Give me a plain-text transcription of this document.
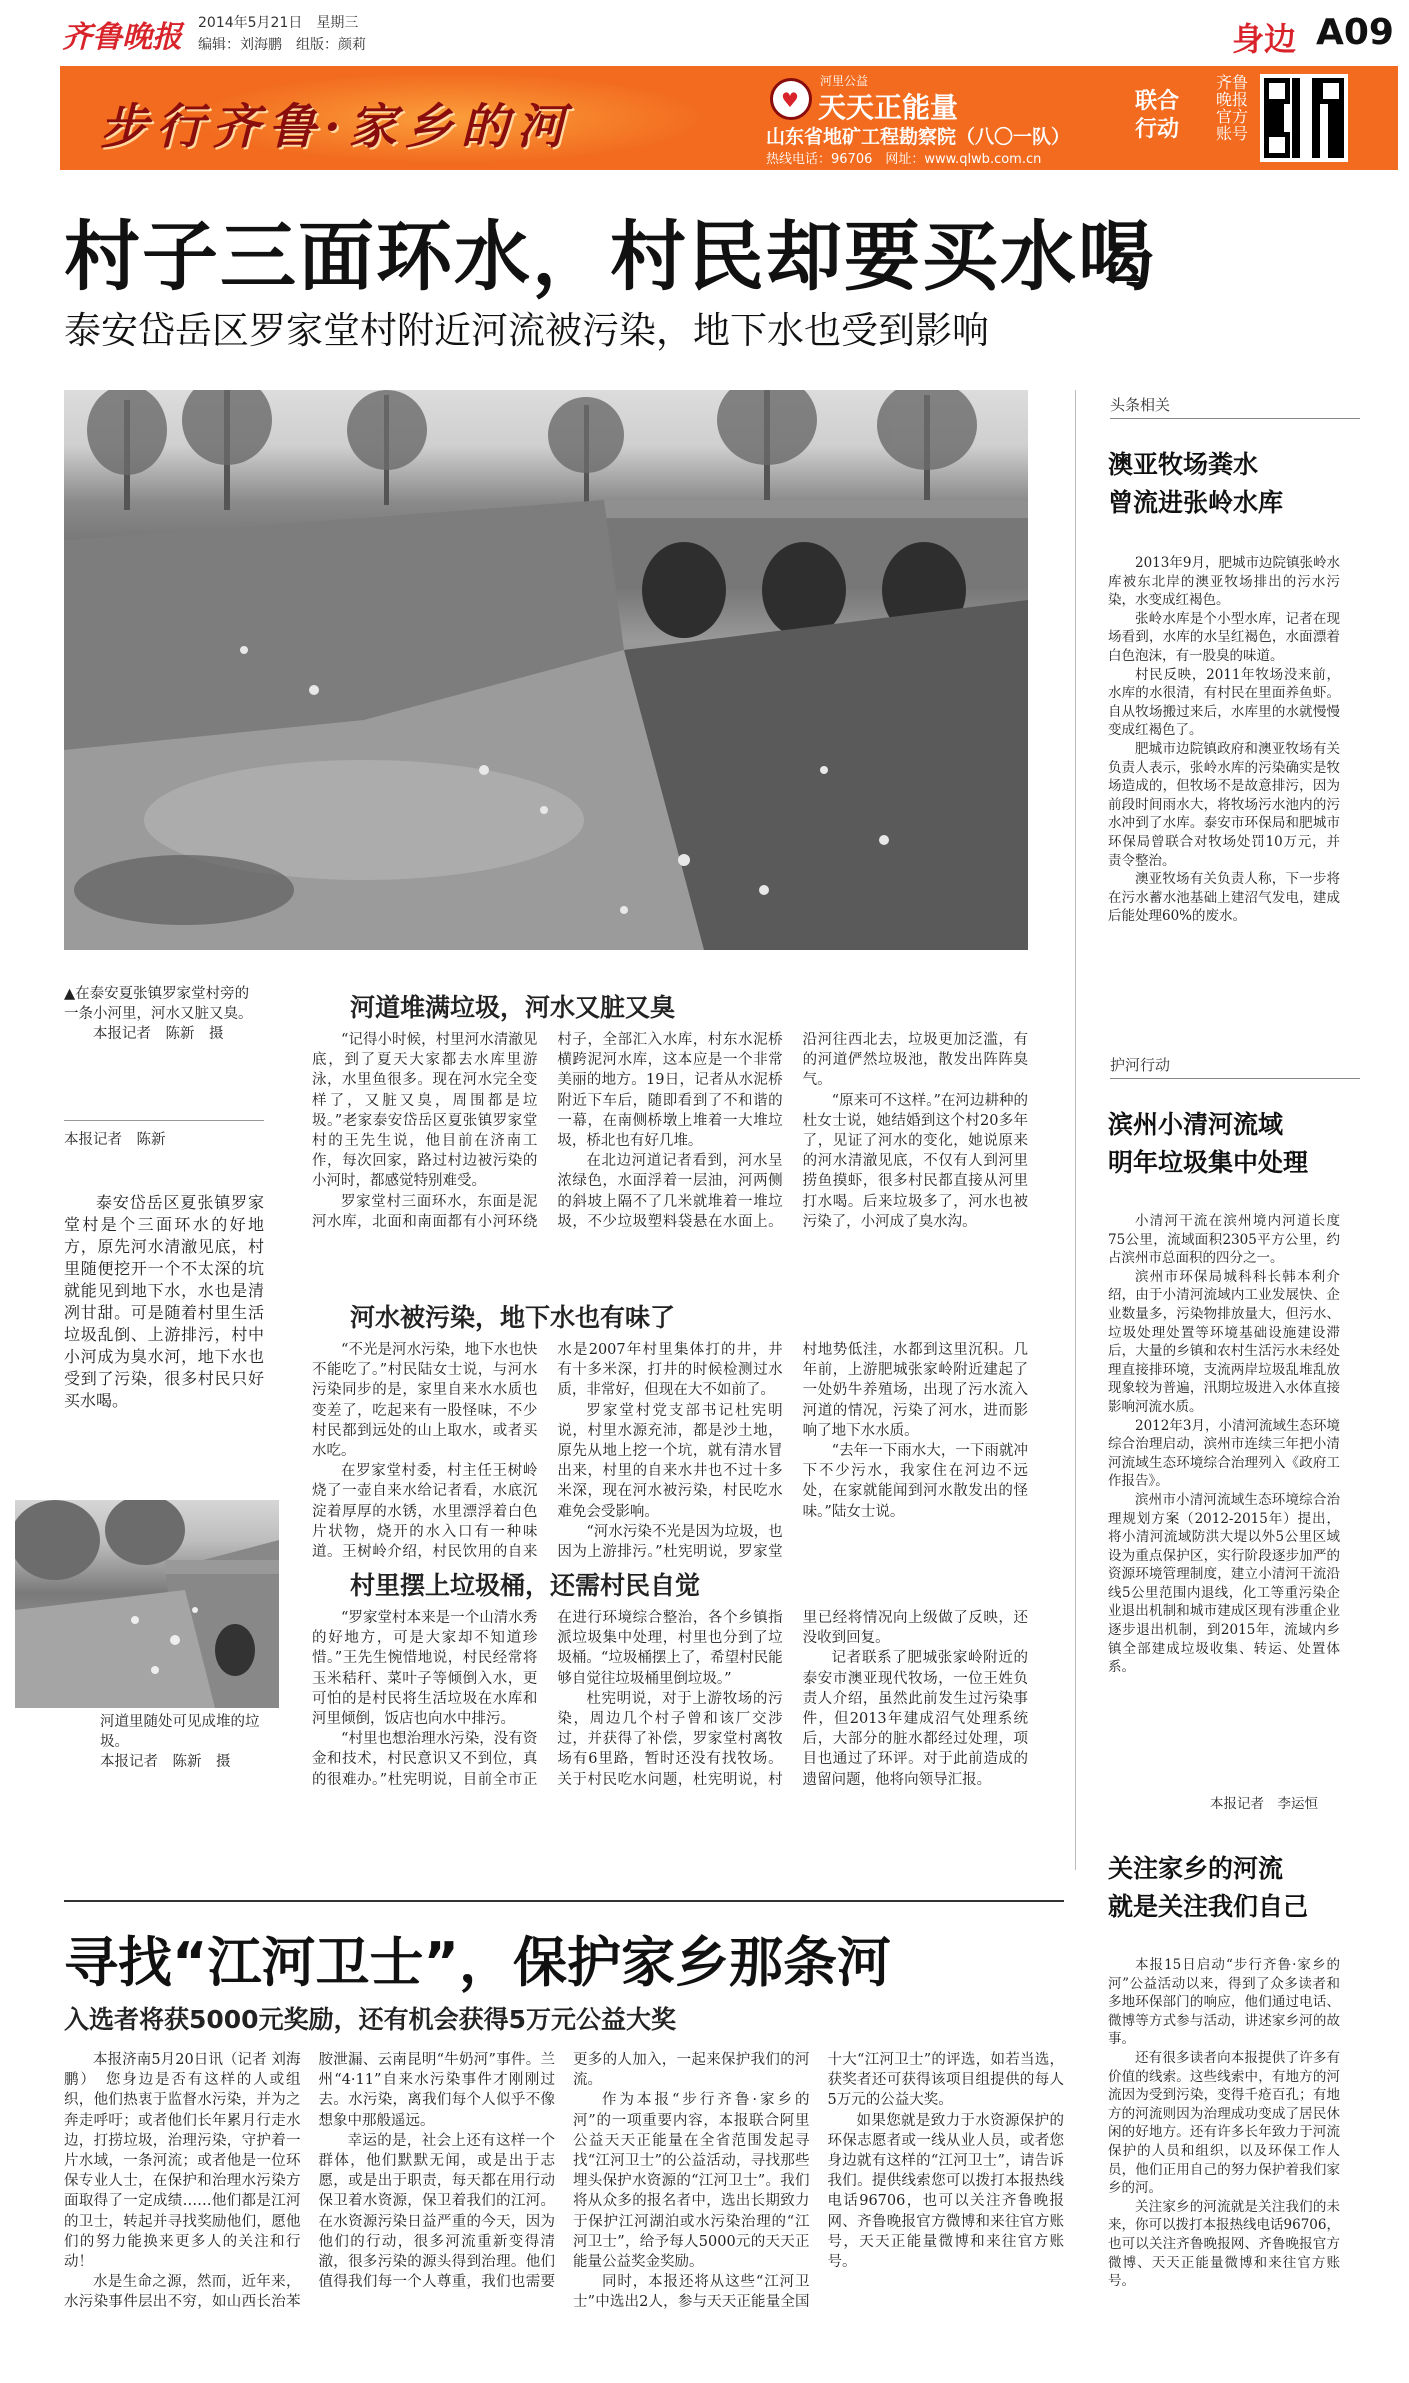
齐鲁晚报 2014年5月21日　星期三
编辑：刘海鹏　组版：颜莉	身边 A09
步行齐鲁·家乡的河	♥
河里公益
天天正能量
山东省地矿工程勘察院（八〇一队）
热线电话：96706　网址：www.qlwb.com.cn
联合行动
齐鲁晚报官方账号
村子三面环水，村民却要买水喝
泰安岱岳区罗家堂村附近河流被污染，地下水也受到影响
▲在泰安夏张镇罗家堂村旁的一条小河里，河水又脏又臭。
本报记者　陈新　摄
本报记者　陈新

泰安岱岳区夏张镇罗家堂村是个三面环水的好地方，原先河水清澈见底，村里随便挖开一个不太深的坑就能见到地下水，水也是清冽甘甜。可是随着村里生活垃圾乱倒、上游排污，村中小河成为臭水河，地下水也受到了污染，很多村民只好买水喝。

河道里随处可见成堆的垃圾。
本报记者　陈新　摄
河道堆满垃圾，河水又脏又臭

“记得小时候，村里河水清澈见底，到了夏天大家都去水库里游泳，水里鱼很多。现在河水完全变样了，又脏又臭，周围都是垃圾。”老家泰安岱岳区夏张镇罗家堂村的王先生说，他目前在济南工作，每次回家，路过村边被污染的小河时，都感觉特别难受。

罗家堂村三面环水，东面是泥河水库，北面和南面都有小河环绕村子，全部汇入水库，村东水泥桥横跨泥河水库，这本应是一个非常美丽的地方。19日，记者从水泥桥附近下车后，随即看到了不和谐的一幕，在南侧桥墩上堆着一大堆垃圾，桥北也有好几堆。

在北边河道记者看到，河水呈浓绿色，水面浮着一层油，河两侧的斜坡上隔不了几米就堆着一堆垃圾，不少垃圾塑料袋悬在水面上。沿河往西北去，垃圾更加泛滥，有的河道俨然垃圾池，散发出阵阵臭气。

“原来可不这样。”在河边耕种的杜女士说，她结婚到这个村20多年了，见证了河水的变化，她说原来的河水清澈见底，不仅有人到河里捞鱼摸虾，很多村民都直接从河里打水喝。后来垃圾多了，河水也被污染了，小河成了臭水沟。

河水被污染，地下水也有味了

“不光是河水污染，地下水也快不能吃了。”村民陆女士说，与河水污染同步的是，家里自来水水质也变差了，吃起来有一股怪味，不少村民都到远处的山上取水，或者买水吃。

在罗家堂村委，村主任王树岭烧了一壶自来水给记者看，水底沉淀着厚厚的水锈，水里漂浮着白色片状物，烧开的水入口有一种味道。王树岭介绍，村民饮用的自来水是2007年村里集体打的井，井有十多米深，打井的时候检测过水质，非常好，但现在大不如前了。

罗家堂村党支部书记杜宪明说，村里水源充沛，都是沙土地，原先从地上挖一个坑，就有清水冒出来，村里的自来水井也不过十多米深，现在河水被污染，村民吃水难免会受影响。

“河水污染不光是因为垃圾，也因为上游排污。”杜宪明说，罗家堂村地势低洼，水都到这里沉积。几年前，上游肥城张家岭附近建起了一处奶牛养殖场，出现了污水流入河道的情况，污染了河水，进而影响了地下水水质。

“去年一下雨水大，一下雨就冲下不少污水，我家住在河边不远处，在家就能闻到河水散发出的怪味。”陆女士说。

村里摆上垃圾桶，还需村民自觉

“罗家堂村本来是一个山清水秀的好地方，可是大家却不知道珍惜。”王先生惋惜地说，村民经常将玉米秸秆、菜叶子等倾倒入水，更可怕的是村民将生活垃圾在水库和河里倾倒，饭店也向水中排污。

“村里也想治理水污染，没有资金和技术，村民意识又不到位，真的很难办。”杜宪明说，目前全市正在进行环境综合整治，各个乡镇指派垃圾集中处理，村里也分到了垃圾桶。“垃圾桶摆上了，希望村民能够自觉往垃圾桶里倒垃圾。”

杜宪明说，对于上游牧场的污染，周边几个村子曾和该厂交涉过，并获得了补偿，罗家堂村离牧场有6里路，暂时还没有找牧场。关于村民吃水问题，杜宪明说，村里已经将情况向上级做了反映，还没收到回复。

记者联系了肥城张家岭附近的泰安市澳亚现代牧场，一位王姓负责人介绍，虽然此前发生过污染事件，但2013年建成沼气处理系统后，大部分的脏水都经过处理，项目也通过了环评。对于此前造成的遗留问题，他将向领导汇报。

头条相关
澳亚牧场粪水
曾流进张岭水库

2013年9月，肥城市边院镇张岭水库被东北岸的澳亚牧场排出的污水污染，水变成红褐色。

张岭水库是个小型水库，记者在现场看到，水库的水呈红褐色，水面漂着白色泡沫，有一股臭的味道。

村民反映，2011年牧场没来前，水库的水很清，有村民在里面养鱼虾。自从牧场搬过来后，水库里的水就慢慢变成红褐色了。

肥城市边院镇政府和澳亚牧场有关负责人表示，张岭水库的污染确实是牧场造成的，但牧场不是故意排污，因为前段时间雨水大，将牧场污水池内的污水冲到了水库。泰安市环保局和肥城市环保局曾联合对牧场处罚10万元，并责令整治。

澳亚牧场有关负责人称，下一步将在污水蓄水池基础上建沼气发电，建成后能处理60%的废水。

护河行动
滨州小清河流域
明年垃圾集中处理

小清河干流在滨州境内河道长度75公里，流域面积2305平方公里，约占滨州市总面积的四分之一。

滨州市环保局城科科长韩本利介绍，由于小清河流域内工业发展快、企业数量多，污染物排放量大，但污水、垃圾处理处置等环境基础设施建设滞后，大量的乡镇和农村生活污水未经处理直接排环境，支流两岸垃圾乱堆乱放现象较为普遍，汛期垃圾进入水体直接影响河流水质。

2012年3月，小清河流域生态环境综合治理启动，滨州市连续三年把小清河流域生态环境综合治理列入《政府工作报告》。

滨州市小清河流域生态环境综合治理规划方案（2012-2015年）提出，将小清河流域防洪大堤以外5公里区域设为重点保护区，实行阶段逐步加严的资源环境管理制度，建立小清河干流沿线5公里范围内退线，化工等重污染企业退出机制和城市建成区现有涉重企业逐步退出机制，到2015年，流域内乡镇全部建成垃圾收集、转运、处置体系。

本报记者　李运恒
关注家乡的河流
就是关注我们自己

本报15日启动“步行齐鲁·家乡的河”公益活动以来，得到了众多读者和多地环保部门的响应，他们通过电话、微博等方式参与活动，讲述家乡河的故事。

还有很多读者向本报提供了许多有价值的线索。这些线索中，有地方的河流因为受到污染，变得千疮百孔；有地方的河流则因为治理成功变成了居民休闲的好地方。还有许多长年致力于河流保护的人员和组织，以及环保工作人员，他们正用自己的努力保护着我们家乡的河。

关注家乡的河流就是关注我们的未来，你可以拨打本报热线电话96706，也可以关注齐鲁晚报网、齐鲁晚报官方微博、天天正能量微博和来往官方账号。

寻找“江河卫士”，保护家乡那条河
入选者将获5000元奖励，还有机会获得5万元公益大奖

本报济南5月20日讯（记者 刘海鹏）　您身边是否有这样的人或组织，他们热衷于监督水污染，并为之奔走呼吁；或者他们长年累月行走水边，打捞垃圾，治理污染，守护着一片水域，一条河流；或者他是一位环保专业人士，在保护和治理水污染方面取得了一定成绩……他们都是江河的卫士，转起并寻找奖励他们，愿他们的努力能换来更多人的关注和行动！

水是生命之源，然而，近年来，水污染事件层出不穷，如山西长治苯胺泄漏、云南昆明“牛奶河”事件。兰州“4·11”自来水污染事件才刚刚过去。水污染，离我们每个人似乎不像想象中那般遥远。

幸运的是，社会上还有这样一个群体，他们默默无闻，或是出于志愿，或是出于职责，每天都在用行动保卫着水资源，保卫着我们的江河。在水资源污染日益严重的今天，因为他们的行动，很多河流重新变得清澈，很多污染的源头得到治理。他们值得我们每一个人尊重，我们也需要更多的人加入，一起来保护我们的河流。

作为本报“步行齐鲁·家乡的河”的一项重要内容，本报联合阿里公益天天正能量在全省范围发起寻找“江河卫士”的公益活动，寻找那些埋头保护水资源的“江河卫士”。我们将从众多的报名者中，选出长期致力于保护江河湖泊或水污染治理的“江河卫士”，给予每人5000元的天天正能量公益奖金奖励。

同时，本报还将从这些“江河卫士”中选出2人，参与天天正能量全国十大“江河卫士”的评选，如若当选，获奖者还可获得该项目组提供的每人5万元的公益大奖。

如果您就是致力于水资源保护的环保志愿者或一线从业人员，或者您身边就有这样的“江河卫士”，请告诉我们。提供线索您可以拨打本报热线电话96706，也可以关注齐鲁晚报网、齐鲁晚报官方微博和来往官方账号，天天正能量微博和来往官方账号。
